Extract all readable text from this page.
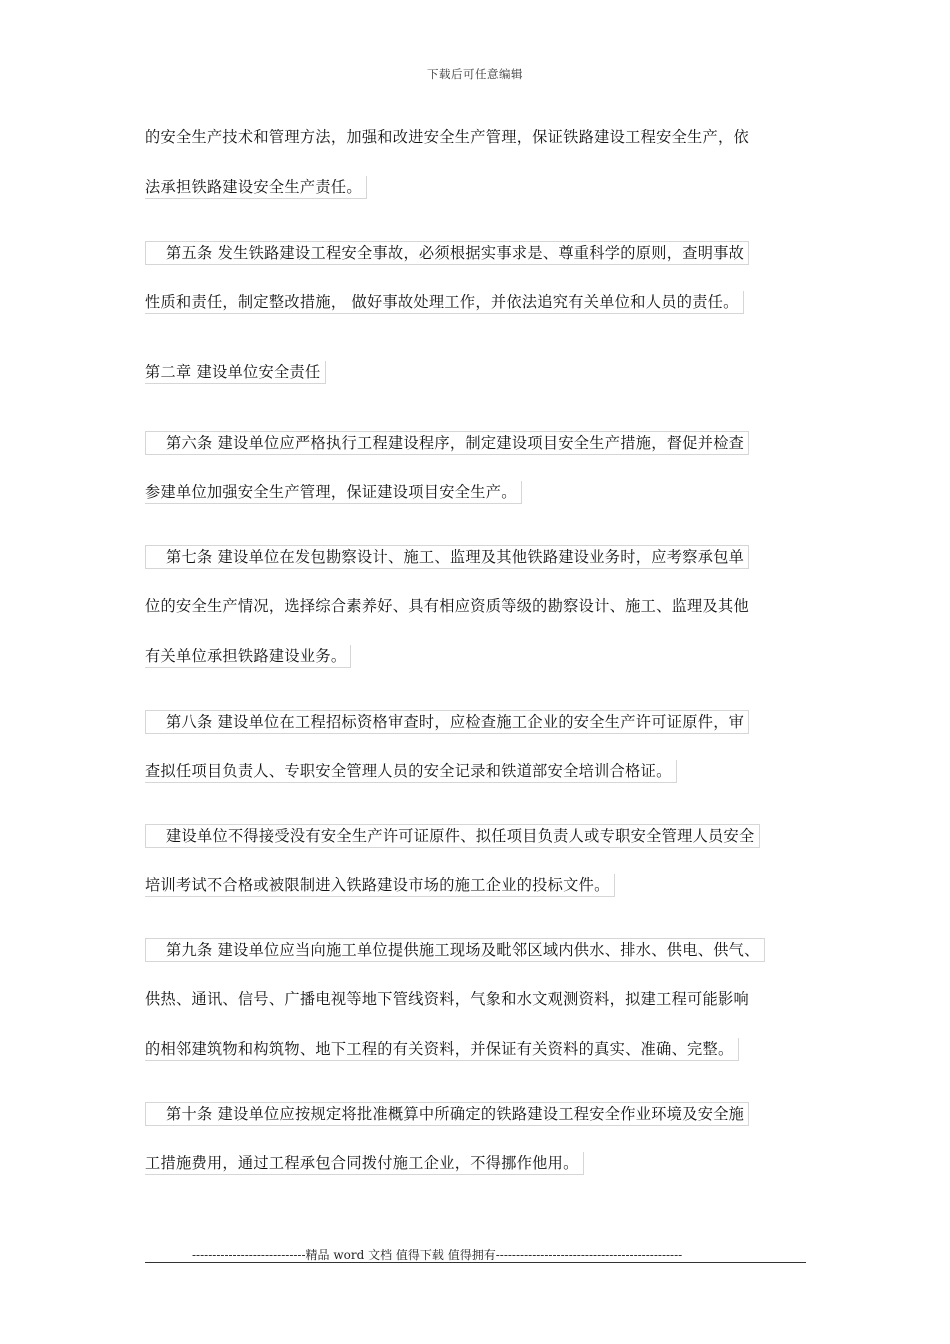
下载后可任意编辑
的安全生产技术和管理方法，加强和改进安全生产管理，保证铁路建设工程安全生产，依
法承担铁路建设安全生产责任。
第五条 发生铁路建设工程安全事故，必须根据实事求是、尊重科学的原则，查明事故
性质和责任，制定整改措施， 做好事故处理工作，并依法追究有关单位和人员的责任。
第二章 建设单位安全责任
第六条 建设单位应严格执行工程建设程序，制定建设项目安全生产措施，督促并检查
参建单位加强安全生产管理，保证建设项目安全生产。
第七条 建设单位在发包勘察设计、施工、监理及其他铁路建设业务时，应考察承包单
位的安全生产情况，选择综合素养好、具有相应资质等级的勘察设计、施工、监理及其他
有关单位承担铁路建设业务。
第八条 建设单位在工程招标资格审查时，应检查施工企业的安全生产许可证原件，审
查拟任项目负责人、专职安全管理人员的安全记录和铁道部安全培训合格证。
建设单位不得接受没有安全生产许可证原件、拟任项目负责人或专职安全管理人员安全
培训考试不合格或被限制进入铁路建设市场的施工企业的投标文件。
第九条 建设单位应当向施工单位提供施工现场及毗邻区域内供水、排水、供电、供气、
供热、通讯、信号、广播电视等地下管线资料，气象和水文观测资料，拟建工程可能影响
的相邻建筑物和构筑物、地下工程的有关资料，并保证有关资料的真实、准确、完整。
第十条 建设单位应按规定将批准概算中所确定的铁路建设工程安全作业环境及安全施
工措施费用，通过工程承包合同拨付施工企业，不得挪作他用。
----------------------------精品 word 文档 值得下载 值得拥有----------------------------------------------
